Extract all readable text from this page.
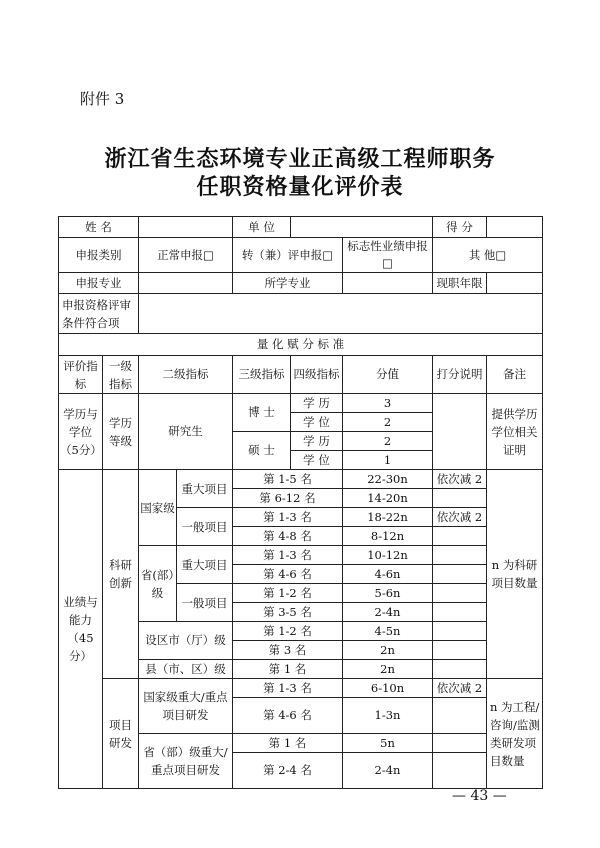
附件 3
浙江省生态环境专业正高级工程师职务
任职资格量化评价表
姓 名				单 位			得 分	
申报类别		正常申报□		转（兼）评申报□		标志性业绩申报□	其 他□	
申报专业				所学专业			现职年限	
申报资格评审条件符合项								
量 化 赋 分 标 准								
评价指标	一级指标	二级指标		三级指标	四级指标	分值	打分说明	备注
学历与学位（5分）	学历等级	研究生		博 士	学 历	3		提供学历学位相关证明
					学 位	2		
				硕 士	学 历	2		
					学 位	1		
业绩与能力（45分）	科研创新	国家级	重大项目	第 1-5 名		22-30n	依次减 2	n 为科研项目数量
				第 6-12 名		14-20n		
			一般项目	第 1-3 名		18-22n	依次减 2	
				第 4-8 名		8-12n		
		省(部）级	重大项目	第 1-3 名		10-12n		
				第 4-6 名		4-6n		
			一般项目	第 1-2 名		5-6n		
				第 3-5 名		2-4n		
		设区市（厅）级		第 1-2 名		4-5n		
				第 3 名		2n		
		县（市、区）级		第 1 名		2n		
	项目研发	国家级重大/重点项目研发		第 1-3 名		6-10n	依次减 2	n 为工程/咨询/监测类研发项目数量
				第 4-6 名		1-3n		
		省（部）级重大/重点项目研发		第 1 名		5n		
				第 2-4 名		2-4n		
— 43 —
